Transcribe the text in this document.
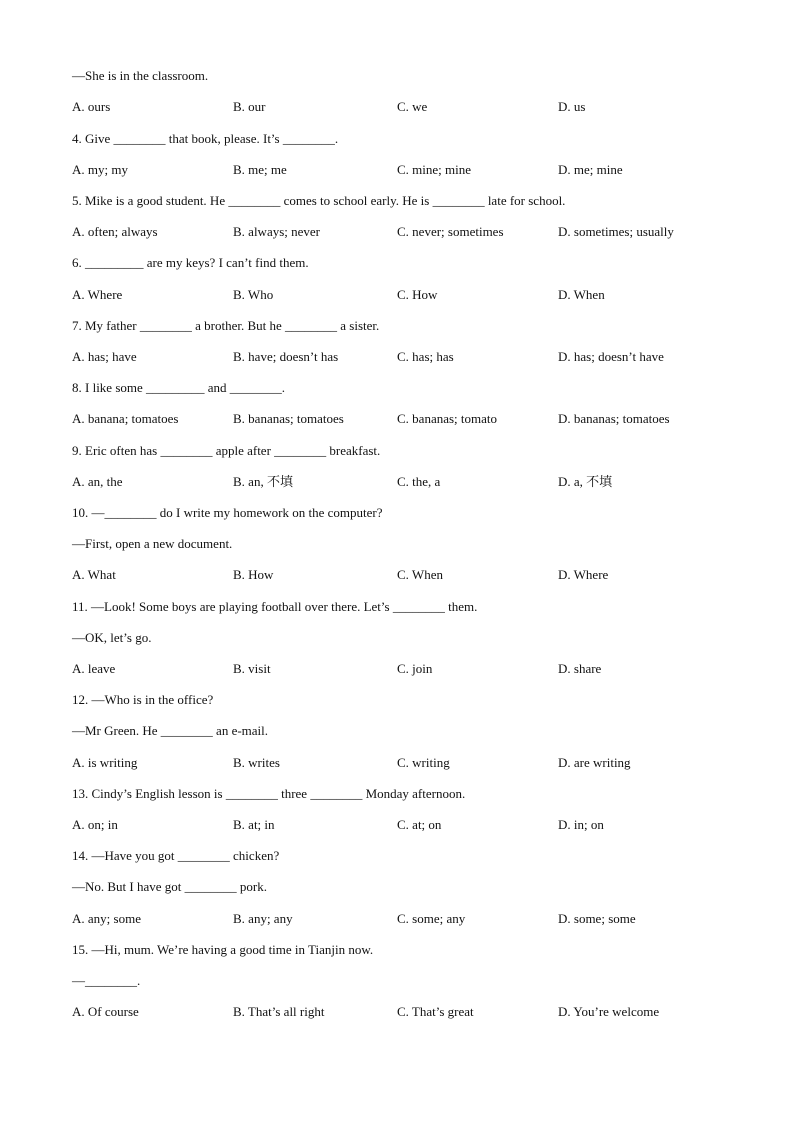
—She is in the classroom.
A. ours	B. our	C. we	D. us
4. Give ________ that book, please. It’s ________.
A. my; my	B. me; me	C. mine; mine	D. me; mine
5. Mike is a good student. He ________ comes to school early. He is ________ late for school.
A. often; always	B. always; never	C. never; sometimes	D. sometimes; usually
6. _________ are my keys? I can’t find them.
A. Where	B. Who	C. How	D. When
7. My father ________ a brother. But he ________ a sister.
A. has; have	B. have; doesn’t has	C. has; has	D. has; doesn’t have
8. I like some _________ and ________.
A. banana; tomatoes	B. bananas; tomatoes	C. bananas; tomato	D. bananas; tomatoes
9. Eric often has ________ apple after ________ breakfast.
A. an, the	B. an, 不填	C. the, a	D. a, 不填
10. —________ do I write my homework on the computer?
—First, open a new document.
A. What	B. How	C. When	D. Where
11. —Look! Some boys are playing football over there. Let’s ________ them.
—OK, let’s go.
A. leave	B. visit	C. join	D. share
12. —Who is in the office?
—Mr Green. He ________ an e-mail.
A. is writing	B. writes	C. writing	D. are writing
13. Cindy’s English lesson is ________ three ________ Monday afternoon.
A. on; in	B. at; in	C. at; on	D. in; on
14. —Have you got ________ chicken?
—No. But I have got ________ pork.
A. any; some	B. any; any	C. some; any	D. some; some
15. —Hi, mum. We’re having a good time in Tianjin now.
—________.
A. Of course	B. That’s all right	C. That’s great	D. You’re welcome
